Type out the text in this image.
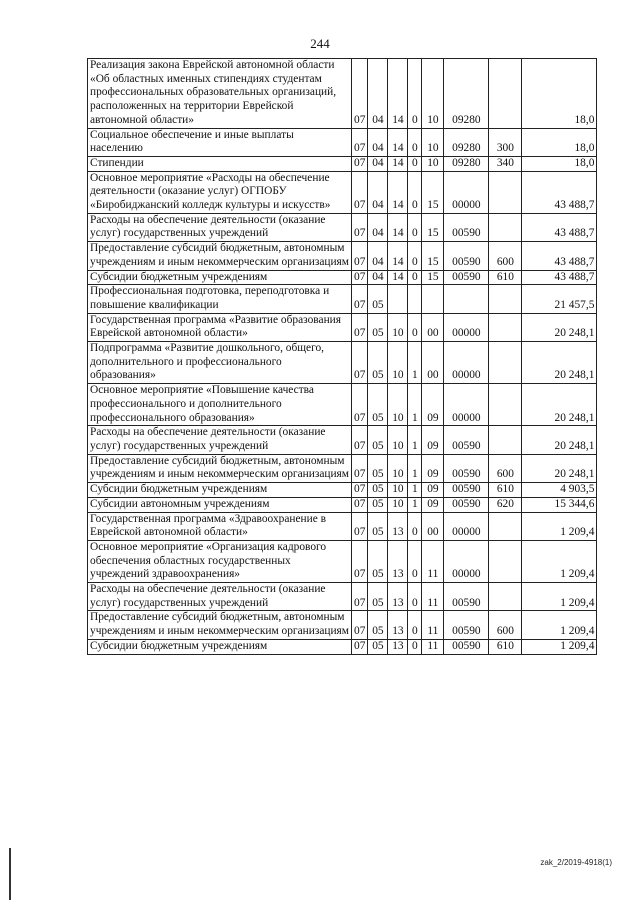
244
Реализация закона Еврейской автономной области «Об областных именных стипендиях студентам профессиональных образовательных организаций, расположенных на территории Еврейской автономной области»	07	04	14	0	10	09280		18,0
Социальное обеспечение и иные выплаты населению	07	04	14	0	10	09280	300	18,0
Стипендии	07	04	14	0	10	09280	340	18,0
Основное мероприятие «Расходы на обеспечение деятельности (оказание услуг) ОГПОБУ «Биробиджанский колледж культуры и искусств»	07	04	14	0	15	00000		43 488,7
Расходы на обеспечение деятельности (оказание услуг) государственных учреждений	07	04	14	0	15	00590		43 488,7
Предоставление субсидий бюджетным, автономным учреждениям и иным некоммерческим организациям	07	04	14	0	15	00590	600	43 488,7
Субсидии бюджетным учреждениям	07	04	14	0	15	00590	610	43 488,7
Профессиональная подготовка, переподготовка и повышение квалификации	07	05						21 457,5
Государственная программа «Развитие образования Еврейской автономной области»	07	05	10	0	00	00000		20 248,1
Подпрограмма «Развитие дошкольного, общего, дополнительного и профессионального образования»	07	05	10	1	00	00000		20 248,1
Основное мероприятие «Повышение качества профессионального и дополнительного профессионального образования»	07	05	10	1	09	00000		20 248,1
Расходы на обеспечение деятельности (оказание услуг) государственных учреждений	07	05	10	1	09	00590		20 248,1
Предоставление субсидий бюджетным, автономным учреждениям и иным некоммерческим организациям	07	05	10	1	09	00590	600	20 248,1
Субсидии бюджетным учреждениям	07	05	10	1	09	00590	610	4 903,5
Субсидии автономным учреждениям	07	05	10	1	09	00590	620	15 344,6
Государственная программа «Здравоохранение в Еврейской автономной области»	07	05	13	0	00	00000		1 209,4
Основное мероприятие «Организация кадрового обеспечения областных государственных учреждений здравоохранения»	07	05	13	0	11	00000		1 209,4
Расходы на обеспечение деятельности (оказание услуг) государственных учреждений	07	05	13	0	11	00590		1 209,4
Предоставление субсидий бюджетным, автономным учреждениям и иным некоммерческим организациям	07	05	13	0	11	00590	600	1 209,4
Субсидии бюджетным учреждениям	07	05	13	0	11	00590	610	1 209,4
zak_2/2019-4918(1)
